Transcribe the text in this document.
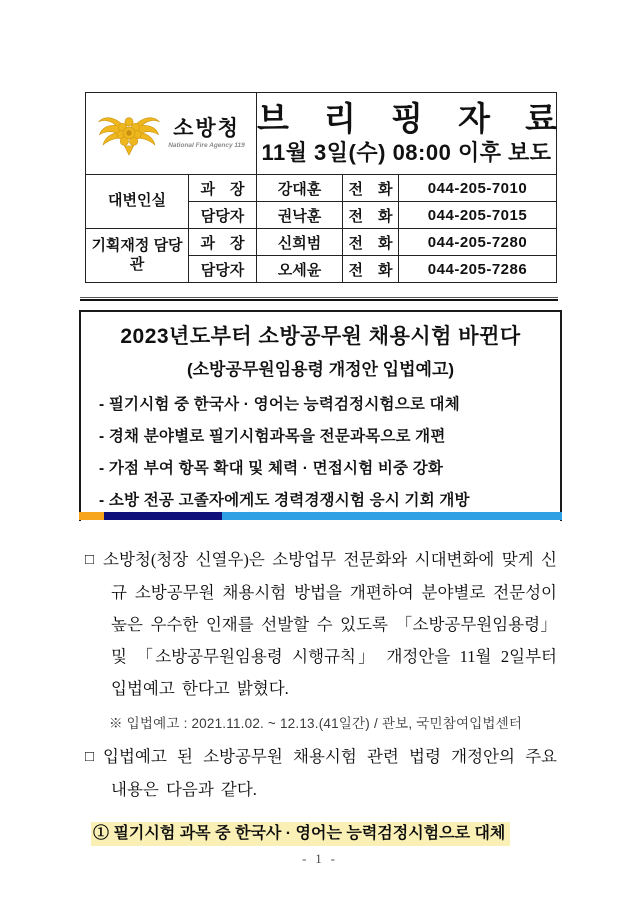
소방청
National Fire Agency 119

브 리 핑 자 료
11월 3일(수) 08:00 이후 보도

대변인실	과　장	강대훈	전　화	044-205-7010
	담당자	권낙훈	전　화	044-205-7015
기획재정 담당관	과　장	신희범	전　화	044-205-7280
	담당자	오세윤	전　화	044-205-7286
2023년도부터 소방공무원 채용시험 바뀐다
(소방공무원임용령 개정안 입법예고)
- 필기시험 중 한국사 · 영어는 능력검정시험으로 대체
- 경채 분야별로 필기시험과목을 전문과목으로 개편
- 가점 부여 항목 확대 및 체력 · 면접시험 비중 강화
- 소방 전공 고졸자에게도 경력경쟁시험 응시 기회 개방

□ 소방청(청장 신열우)은 소방업무 전문화와 시대변화에 맞게 신규 소방공무원 채용시험 방법을 개편하여 분야별로 전문성이 높은 우수한 인재를 선발할 수 있도록 「소방공무원임용령」 및 「소방공무원임용령 시행규칙」 개정안을 11월 2일부터 입법예고 한다고 밝혔다.

※ 입법예고 : 2021.11.02. ~ 12.13.(41일간) / 관보, 국민참여입법센터

□ 입법예고 된 소방공무원 채용시험 관련 법령 개정안의 주요 내용은 다음과 같다.

① 필기시험 과목 중 한국사 · 영어는 능력검정시험으로 대체
- 1 -
